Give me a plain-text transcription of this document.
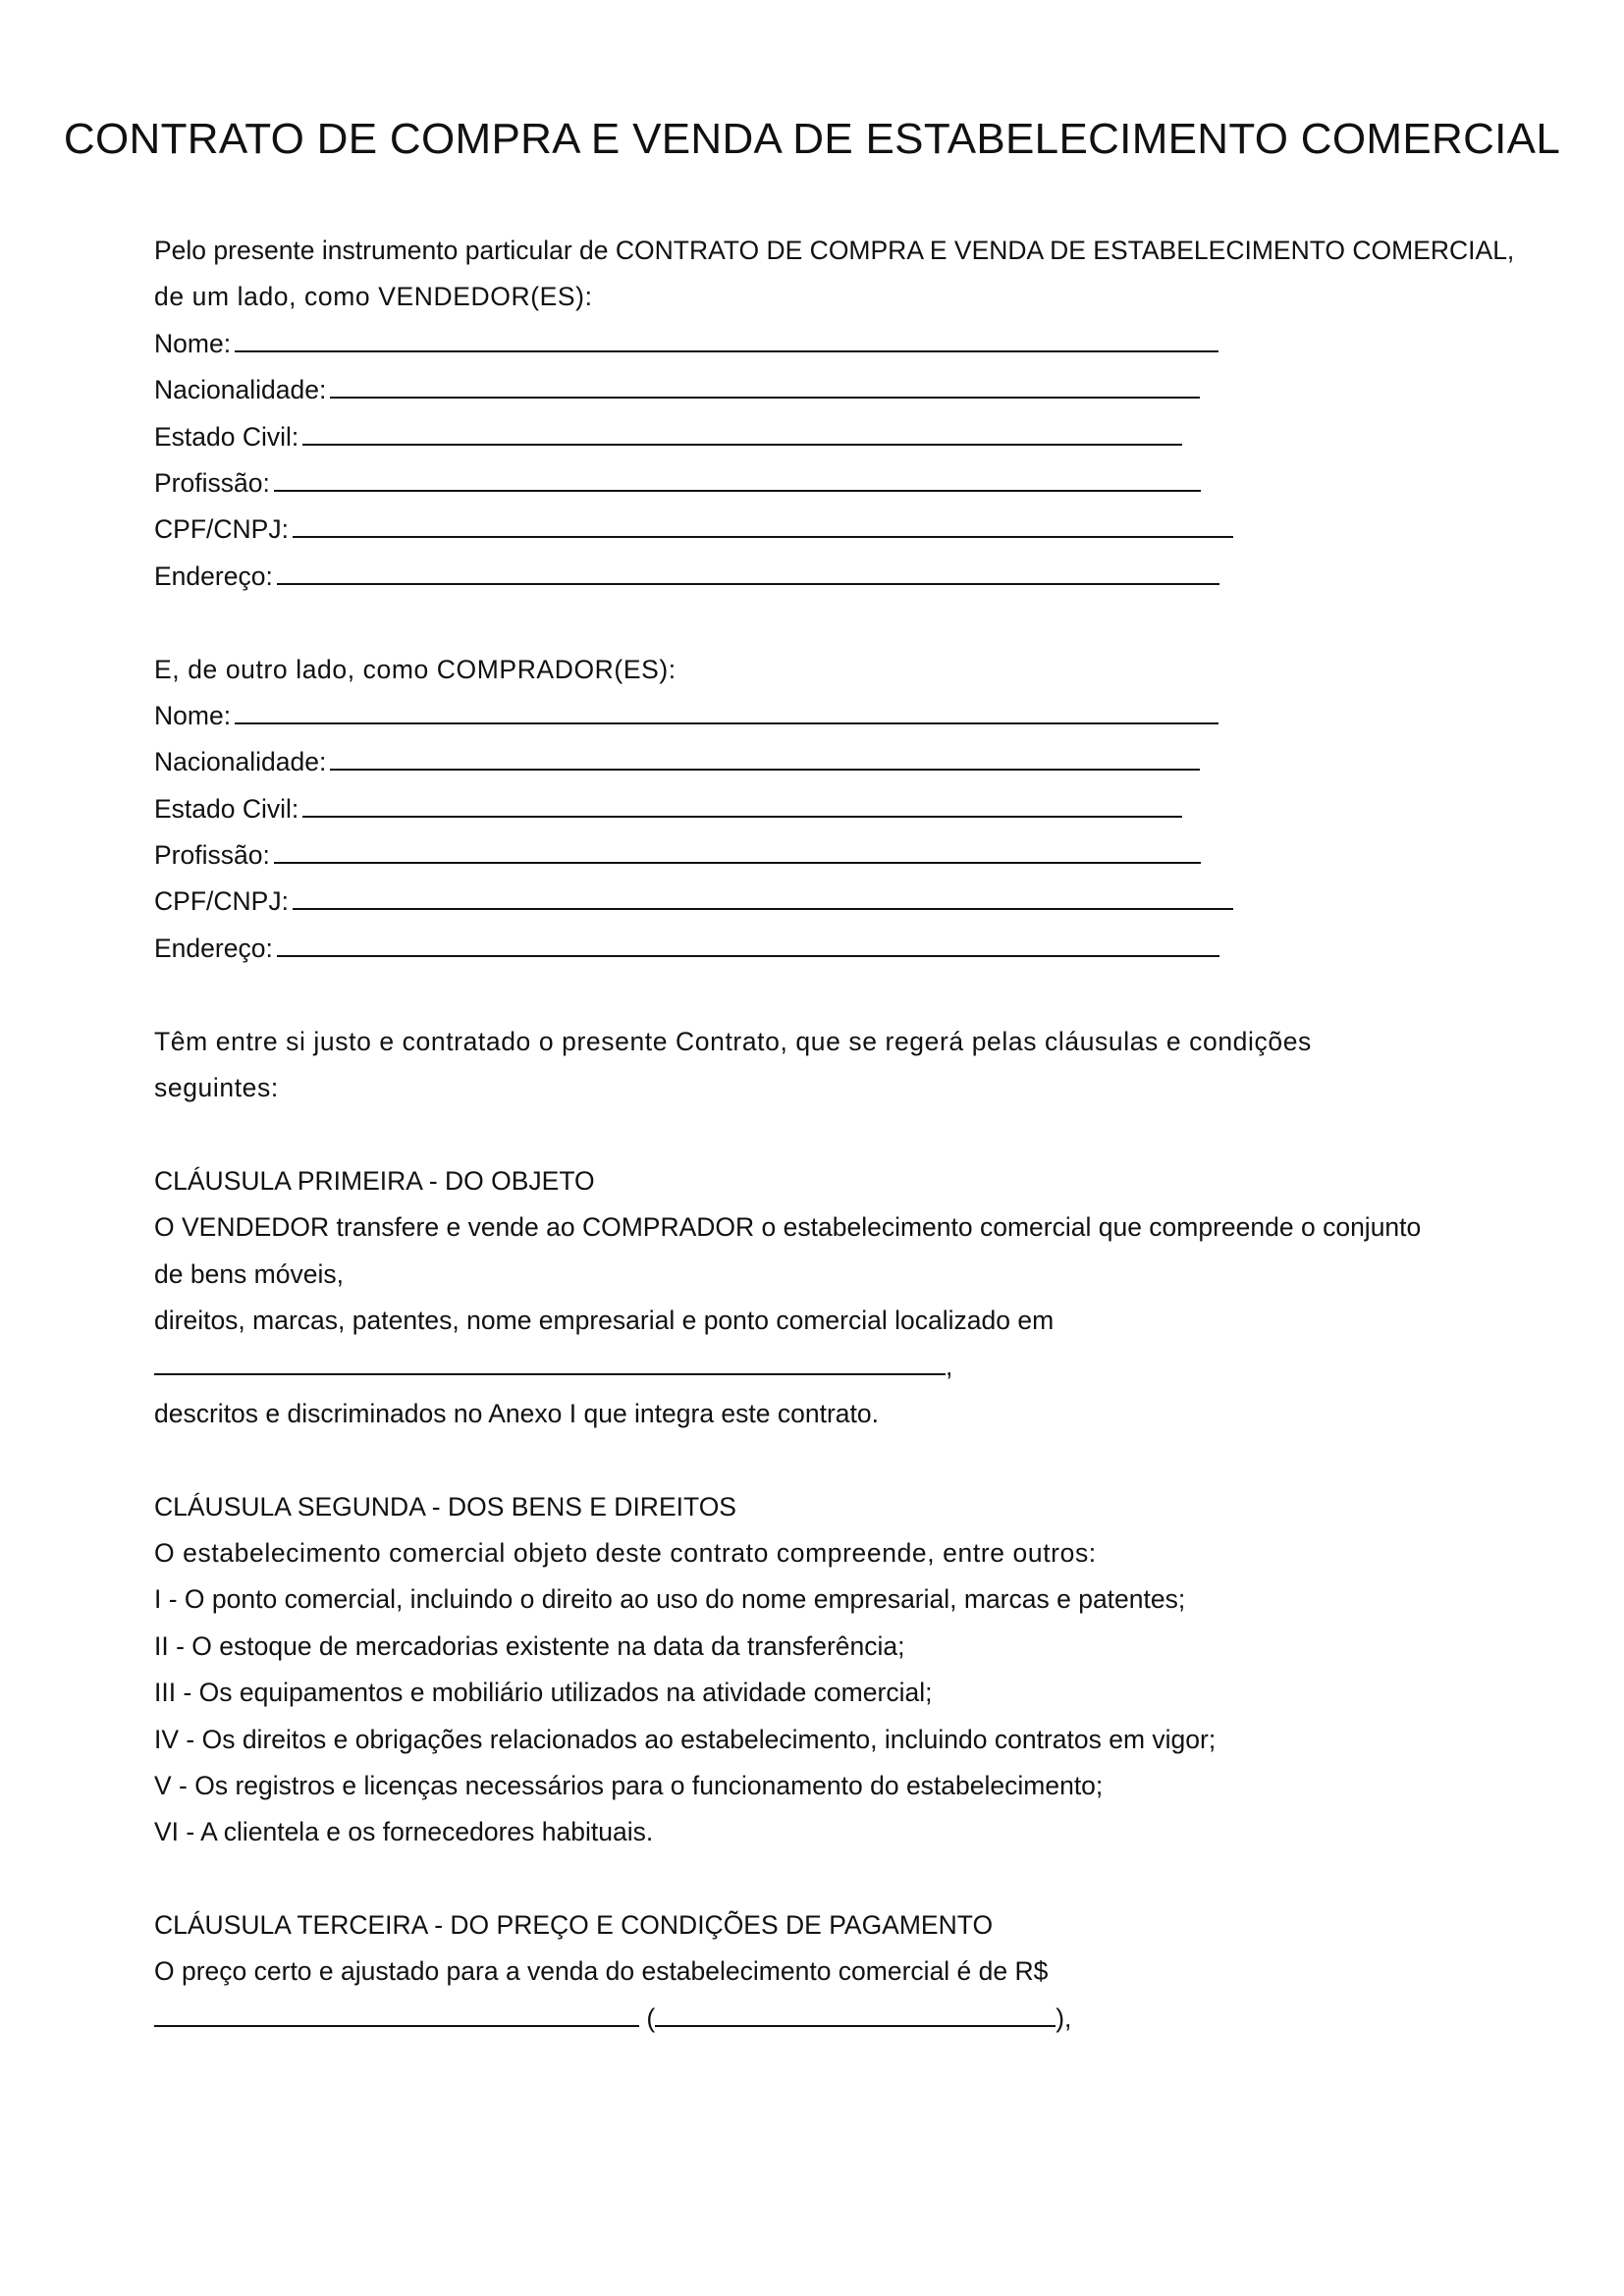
CONTRATO DE COMPRA E VENDA DE ESTABELECIMENTO COMERCIAL
Pelo presente instrumento particular de CONTRATO DE COMPRA E VENDA DE ESTABELECIMENTO COMERCIAL,
de um lado, como VENDEDOR(ES):
Nome:
Nacionalidade:
Estado Civil:
Profissão:
CPF/CNPJ:
Endereço:
E, de outro lado, como COMPRADOR(ES):
Nome:
Nacionalidade:
Estado Civil:
Profissão:
CPF/CNPJ:
Endereço:
Têm entre si justo e contratado o presente Contrato, que se regerá pelas cláusulas e condições
seguintes:
CLÁUSULA PRIMEIRA - DO OBJETO
O VENDEDOR transfere e vende ao COMPRADOR o estabelecimento comercial que compreende o conjunto
de bens móveis,
direitos, marcas, patentes, nome empresarial e ponto comercial localizado em
,
descritos e discriminados no Anexo I que integra este contrato.
CLÁUSULA SEGUNDA - DOS BENS E DIREITOS
O estabelecimento comercial objeto deste contrato compreende, entre outros:
I - O ponto comercial, incluindo o direito ao uso do nome empresarial, marcas e patentes;
II - O estoque de mercadorias existente na data da transferência;
III - Os equipamentos e mobiliário utilizados na atividade comercial;
IV - Os direitos e obrigações relacionados ao estabelecimento, incluindo contratos em vigor;
V - Os registros e licenças necessários para o funcionamento do estabelecimento;
VI - A clientela e os fornecedores habituais.
CLÁUSULA TERCEIRA - DO PREÇO E CONDIÇÕES DE PAGAMENTO
O preço certo e ajustado para a venda do estabelecimento comercial é de R$
(	),
